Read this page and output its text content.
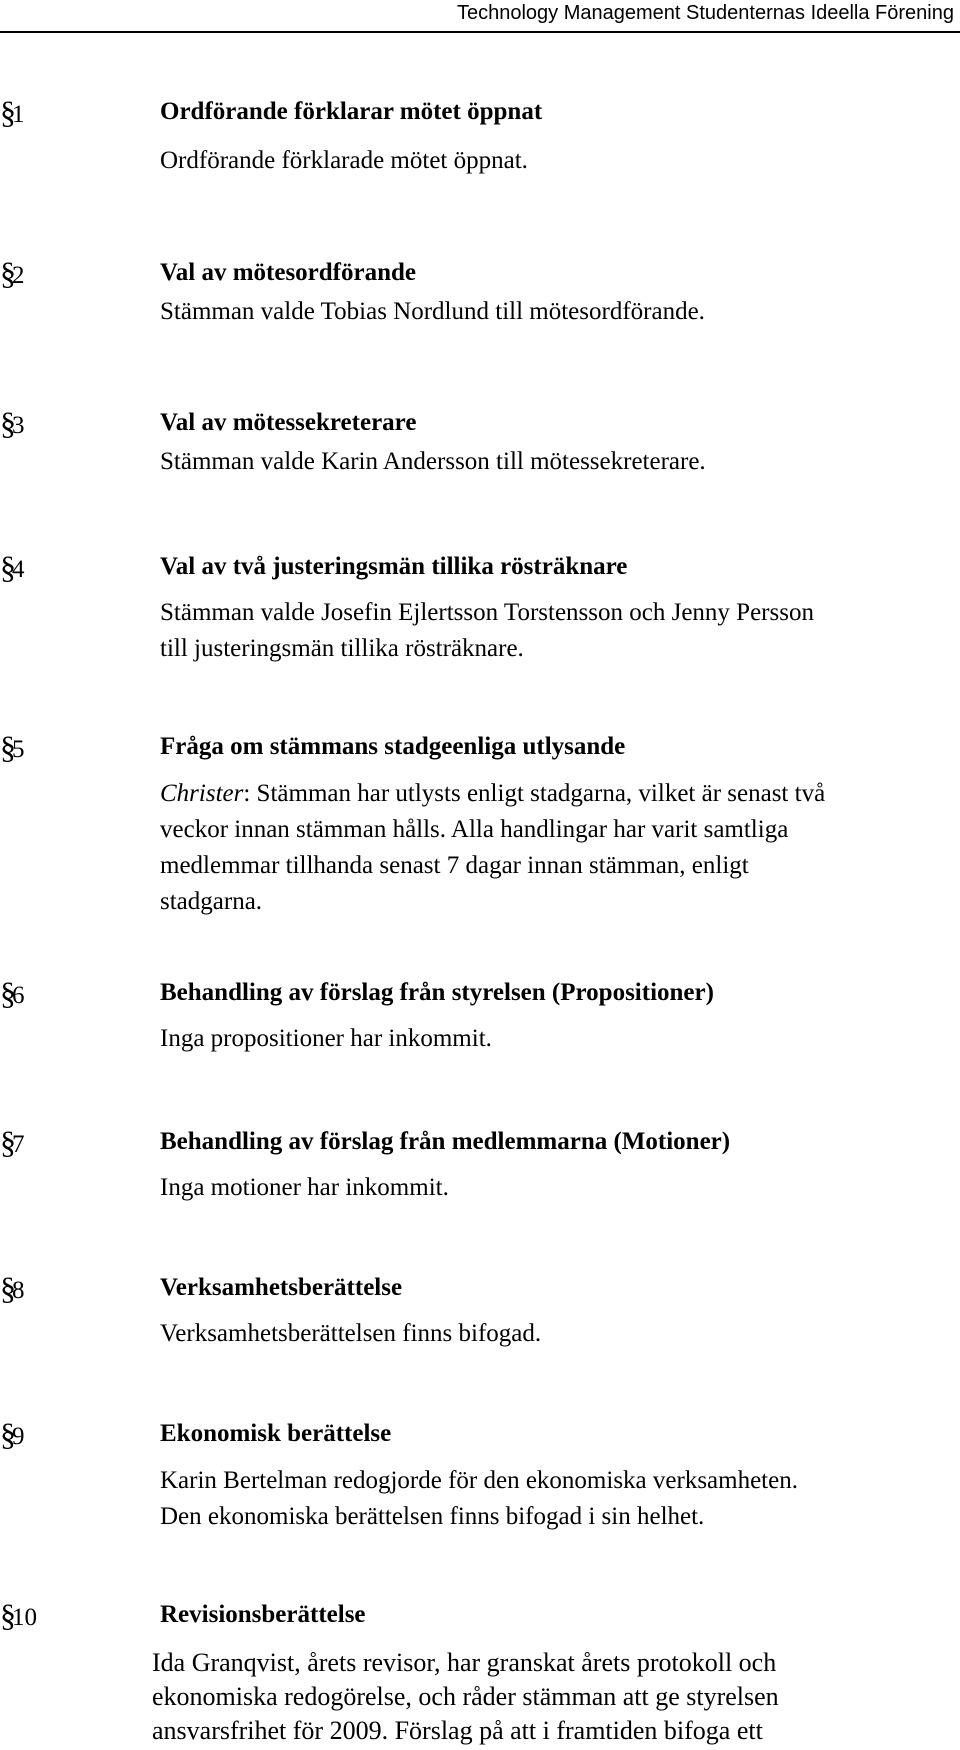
Technology Management Studenternas Ideella Förening
§1	Ordförande förklarar mötet öppnat
Ordförande förklarade mötet öppnat.
§2	Val av mötesordförande
Stämman valde Tobias Nordlund till mötesordförande.
§3	Val av mötessekreterare
Stämman valde Karin Andersson till mötessekreterare.
§4	Val av två justeringsmän tillika rösträknare
Stämman valde Josefin Ejlertsson Torstensson och Jenny Persson
till justeringsmän tillika rösträknare.
§5	Fråga om stämmans stadgeenliga utlysande
Christer: Stämman har utlysts enligt stadgarna, vilket är senast två
veckor innan stämman hålls. Alla handlingar har varit samtliga
medlemmar tillhanda senast 7 dagar innan stämman, enligt
stadgarna.
§6	Behandling av förslag från styrelsen (Propositioner)
Inga propositioner har inkommit.
§7	Behandling av förslag från medlemmarna (Motioner)
Inga motioner har inkommit.
§8	Verksamhetsberättelse
Verksamhetsberättelsen finns bifogad.
§9	Ekonomisk berättelse
Karin Bertelman redogjorde för den ekonomiska verksamheten.
Den ekonomiska berättelsen finns bifogad i sin helhet.
§10	Revisionsberättelse
Ida Granqvist, årets revisor, har granskat årets protokoll och
ekonomiska redogörelse, och råder stämman att ge styrelsen
ansvarsfrihet för 2009. Förslag på att i framtiden bifoga ett
